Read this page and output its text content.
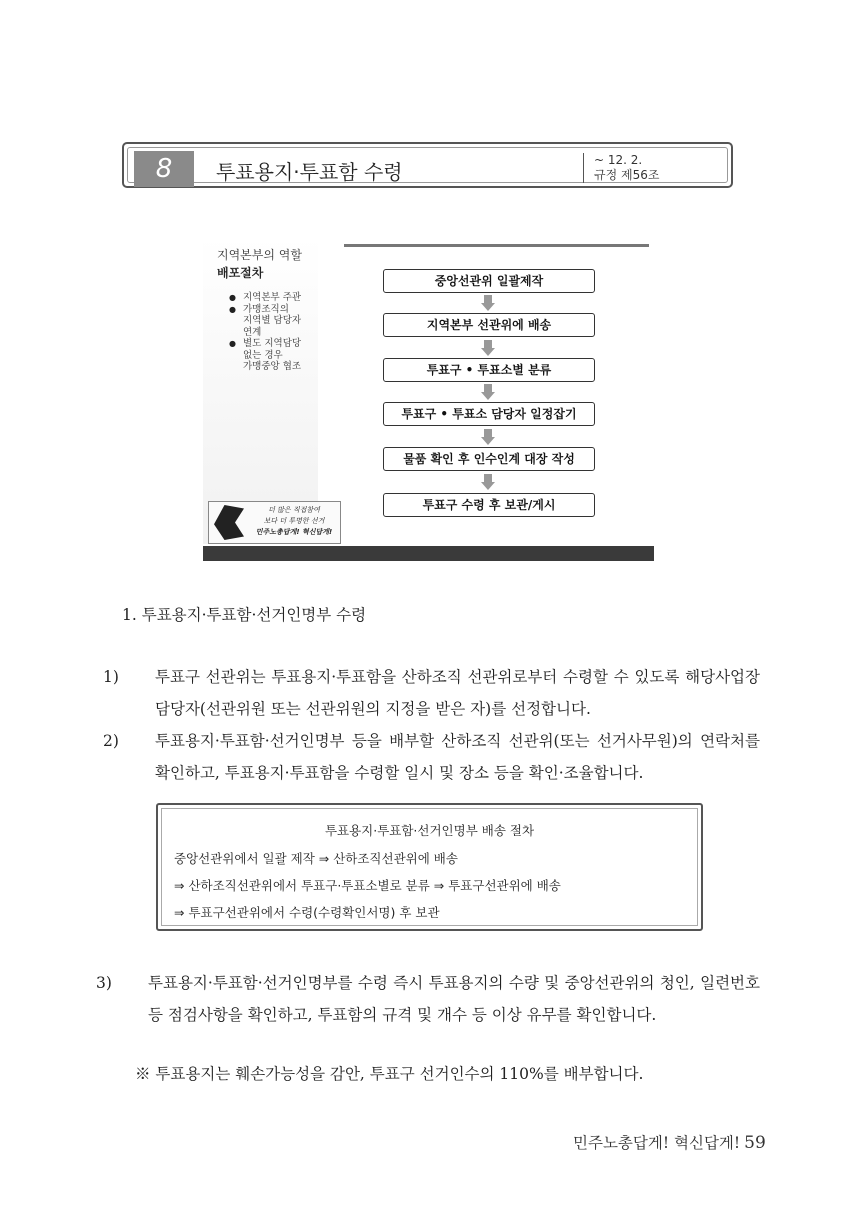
8	투표용지·투표함 수령	~ 12. 2.
규정 제56조
지역본부의 역할
배포절차
● 지역본부 주관
● 가맹조직의
지역별 담당자
연계
● 별도 지역담당
없는 경우
가맹중앙 협조
중앙선관위 일괄제작
지역본부 선관위에 배송
투표구 • 투표소별 분류
투표구 • 투표소 담당자 일정잡기
물품 확인 후 인수인계 대장 작성
투표구 수령 후 보관/게시
더 많은 직접참여
보다 더 투명한 선거
민주노총답게! 혁신답게!
1. 투표용지·투표함·선거인명부 수령
1) 투표구 선관위는 투표용지·투표함을 산하조직 선관위로부터 수령할 수 있도록 해당사업장 담당자(선관위원 또는 선관위원의 지정을 받은 자)를 선정합니다.
2) 투표용지·투표함·선거인명부 등을 배부할 산하조직 선관위(또는 선거사무원)의 연락처를 확인하고, 투표용지·투표함을 수령할 일시 및 장소 등을 확인·조율합니다.
투표용지·투표함·선거인명부 배송 절차
중앙선관위에서 일괄 제작 ⇒ 산하조직선관위에 배송
⇒ 산하조직선관위에서 투표구·투표소별로 분류 ⇒ 투표구선관위에 배송
⇒ 투표구선관위에서 수령(수령확인서명) 후 보관
3) 투표용지·투표함·선거인명부를 수령 즉시 투표용지의 수량 및 중앙선관위의 청인, 일련번호 등 점검사항을 확인하고, 투표함의 규격 및 개수 등 이상 유무를 확인합니다.
※ 투표용지는 훼손가능성을 감안, 투표구 선거인수의 110%를 배부합니다.
민주노총답게! 혁신답게! 59
